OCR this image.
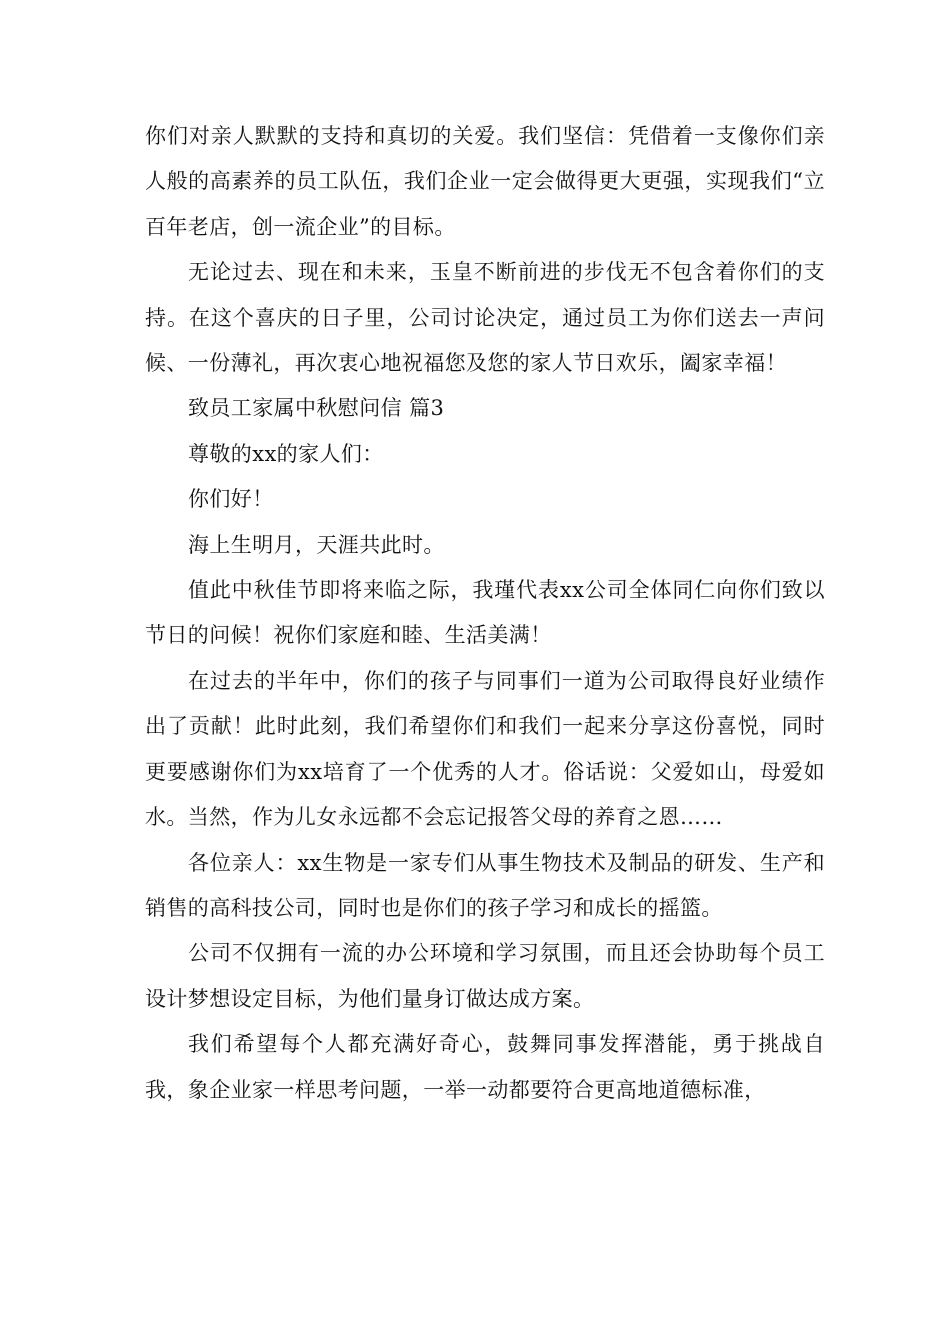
你们对亲人默默的支持和真切的关爱。我们坚信：凭借着一支像你们亲人般的高素养的员工队伍，我们企业一定会做得更大更强，实现我们“立百年老店，创一流企业”的目标。

无论过去、现在和未来，玉皇不断前进的步伐无不包含着你们的支持。在这个喜庆的日子里，公司讨论决定，通过员工为你们送去一声问候、一份薄礼，再次衷心地祝福您及您的家人节日欢乐，阖家幸福！

致员工家属中秋慰问信 篇3

尊敬的xx的家人们：

你们好！

海上生明月，天涯共此时。

值此中秋佳节即将来临之际，我瑾代表xx公司全体同仁向你们致以节日的问候！祝你们家庭和睦、生活美满！

在过去的半年中，你们的孩子与同事们一道为公司取得良好业绩作出了贡献！此时此刻，我们希望你们和我们一起来分享这份喜悦，同时更要感谢你们为xx培育了一个优秀的人才。俗话说：父爱如山，母爱如水。当然，作为儿女永远都不会忘记报答父母的养育之恩……

各位亲人：xx生物是一家专们从事生物技术及制品的研发、生产和销售的高科技公司，同时也是你们的孩子学习和成长的摇篮。

公司不仅拥有一流的办公环境和学习氛围，而且还会协助每个员工设计梦想设定目标，为他们量身订做达成方案。

我们希望每个人都充满好奇心，鼓舞同事发挥潜能，勇于挑战自我，象企业家一样思考问题，一举一动都要符合更高地道德标准，
